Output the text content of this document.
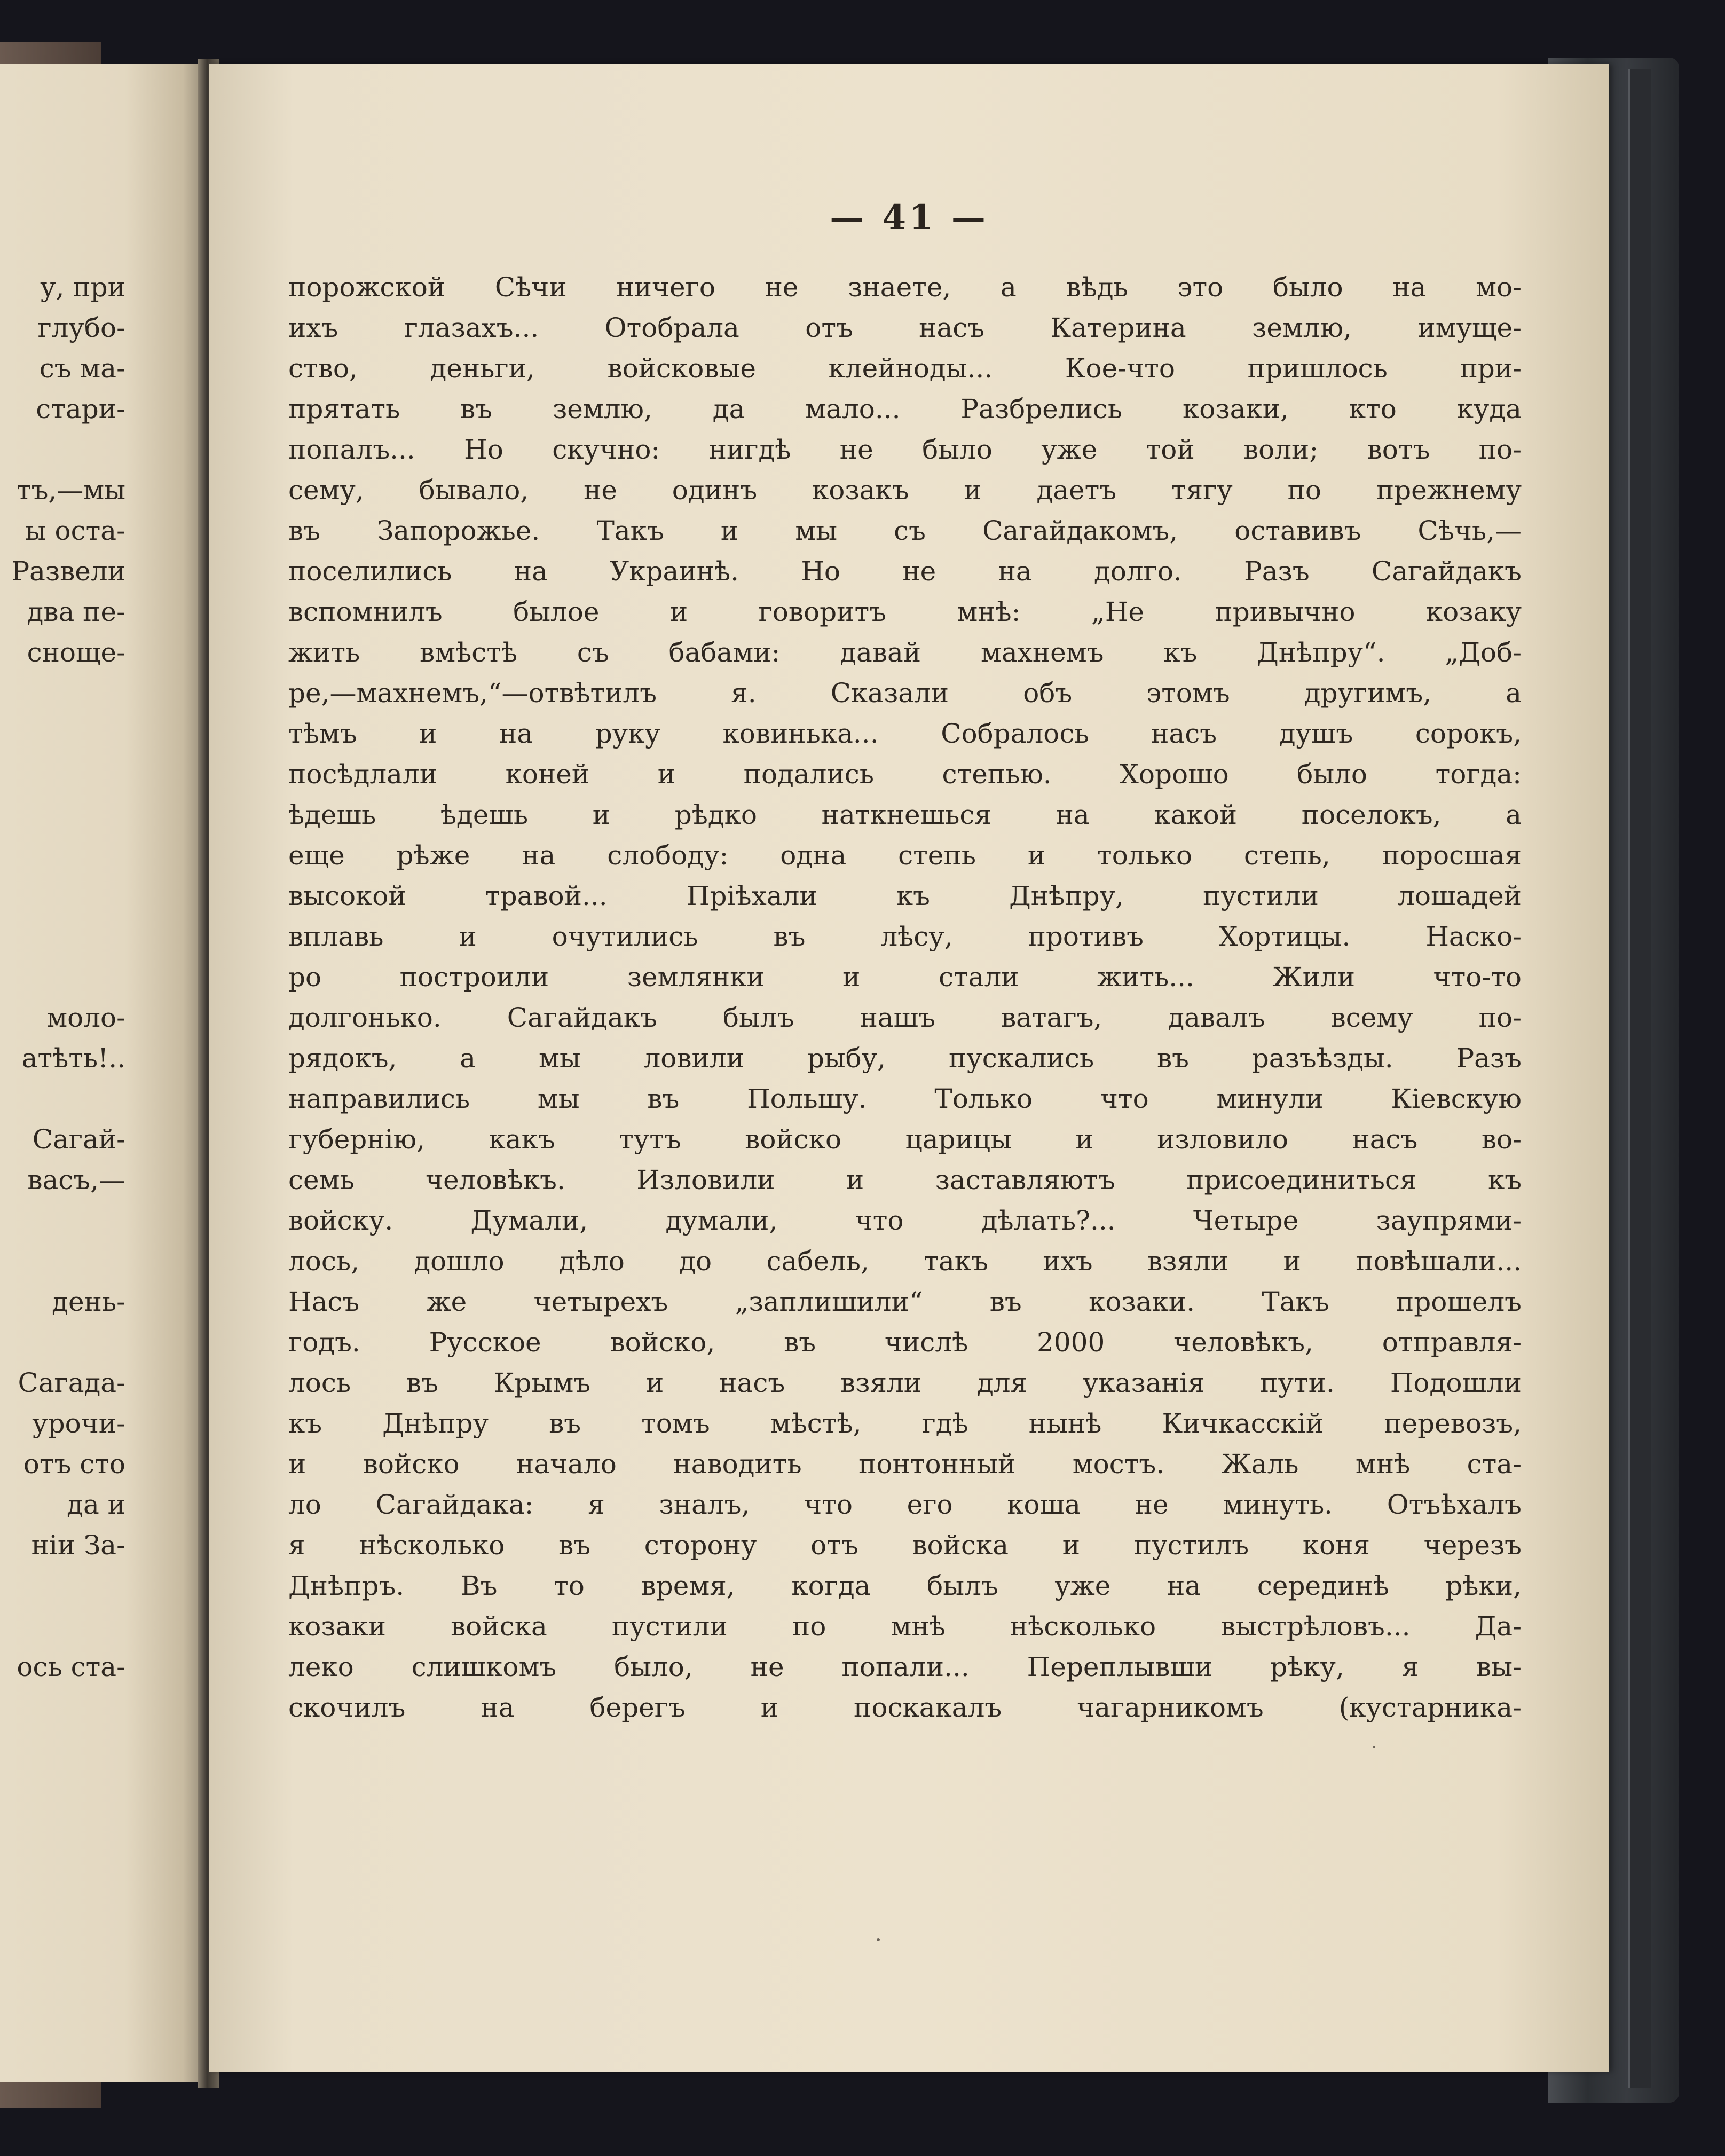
у, при
глубо-
съ ма-
стари-
тъ,—мы
ы оста-
Развели
два пе-
сноще-
моло-
атѣть!..
Сагай-
васъ,—
день-
Сагада-
урочи-
отъ сто
да и
нiи За-
ось ста-
— 41 —
порожской Сѣчи ничего не знаете, а вѣдь это было на мо-
ихъ глазахъ... Отобрала отъ насъ Катерина землю, имуще-
ство, деньги, войсковые клейноды... Кое-что пришлось при-
прятать въ землю, да мало... Разбрелись козаки, кто куда
попалъ... Но скучно: нигдѣ не было уже той воли; вотъ по-
сему, бывало, не одинъ козакъ и даетъ тягу по прежнему
въ Запорожье. Такъ и мы съ Сагайдакомъ, оставивъ Сѣчь,—
поселились на Украинѣ. Но не на долго. Разъ Сагайдакъ
вспомнилъ былое и говоритъ мнѣ: „Не привычно козаку
жить вмѣстѣ съ бабами: давай махнемъ къ Днѣпру“. „Доб-
ре,—махнемъ,“—отвѣтилъ я. Сказали объ этомъ другимъ, а
тѣмъ и на руку ковинька... Собралось насъ душъ сорокъ,
посѣдлали коней и подались степью. Хорошо было тогда:
ѣдешь ѣдешь и рѣдко наткнешься на какой поселокъ, а
еще рѣже на слободу: одна степь и только степь, поросшая
высокой травой... Прiѣхали къ Днѣпру, пустили лошадей
вплавь и очутились въ лѣсу, противъ Хортицы. Наско-
ро построили землянки и стали жить... Жили что-то
долгонько. Сагайдакъ былъ нашъ ватагъ, давалъ всему по-
рядокъ, а мы ловили рыбу, пускались въ разъѣзды. Разъ
направились мы въ Польшу. Только что минули Кiевскую
губернiю, какъ тутъ войско царицы и изловило насъ во-
семь человѣкъ. Изловили и заставляютъ присоединиться къ
войску. Думали, думали, что дѣлать?... Четыре заупрями-
лось, дошло дѣло до сабель, такъ ихъ взяли и повѣшали...
Насъ же четырехъ „заплишили“ въ козаки. Такъ прошелъ
годъ. Русское войско, въ числѣ 2000 человѣкъ, отправля-
лось въ Крымъ и насъ взяли для указанiя пути. Подошли
къ Днѣпру въ томъ мѣстѣ, гдѣ нынѣ Кичкасскiй перевозъ,
и войско начало наводить понтонный мостъ. Жаль мнѣ ста-
ло Сагайдака: я зналъ, что его коша не минуть. Отъѣхалъ
я нѣсколько въ сторону отъ войска и пустилъ коня черезъ
Днѣпръ. Въ то время, когда былъ уже на серединѣ рѣки,
козаки войска пустили по мнѣ нѣсколько выстрѣловъ... Да-
леко слишкомъ было, не попали... Переплывши рѣку, я вы-
скочилъ на берегъ и поскакалъ чагарникомъ (кустарника-
